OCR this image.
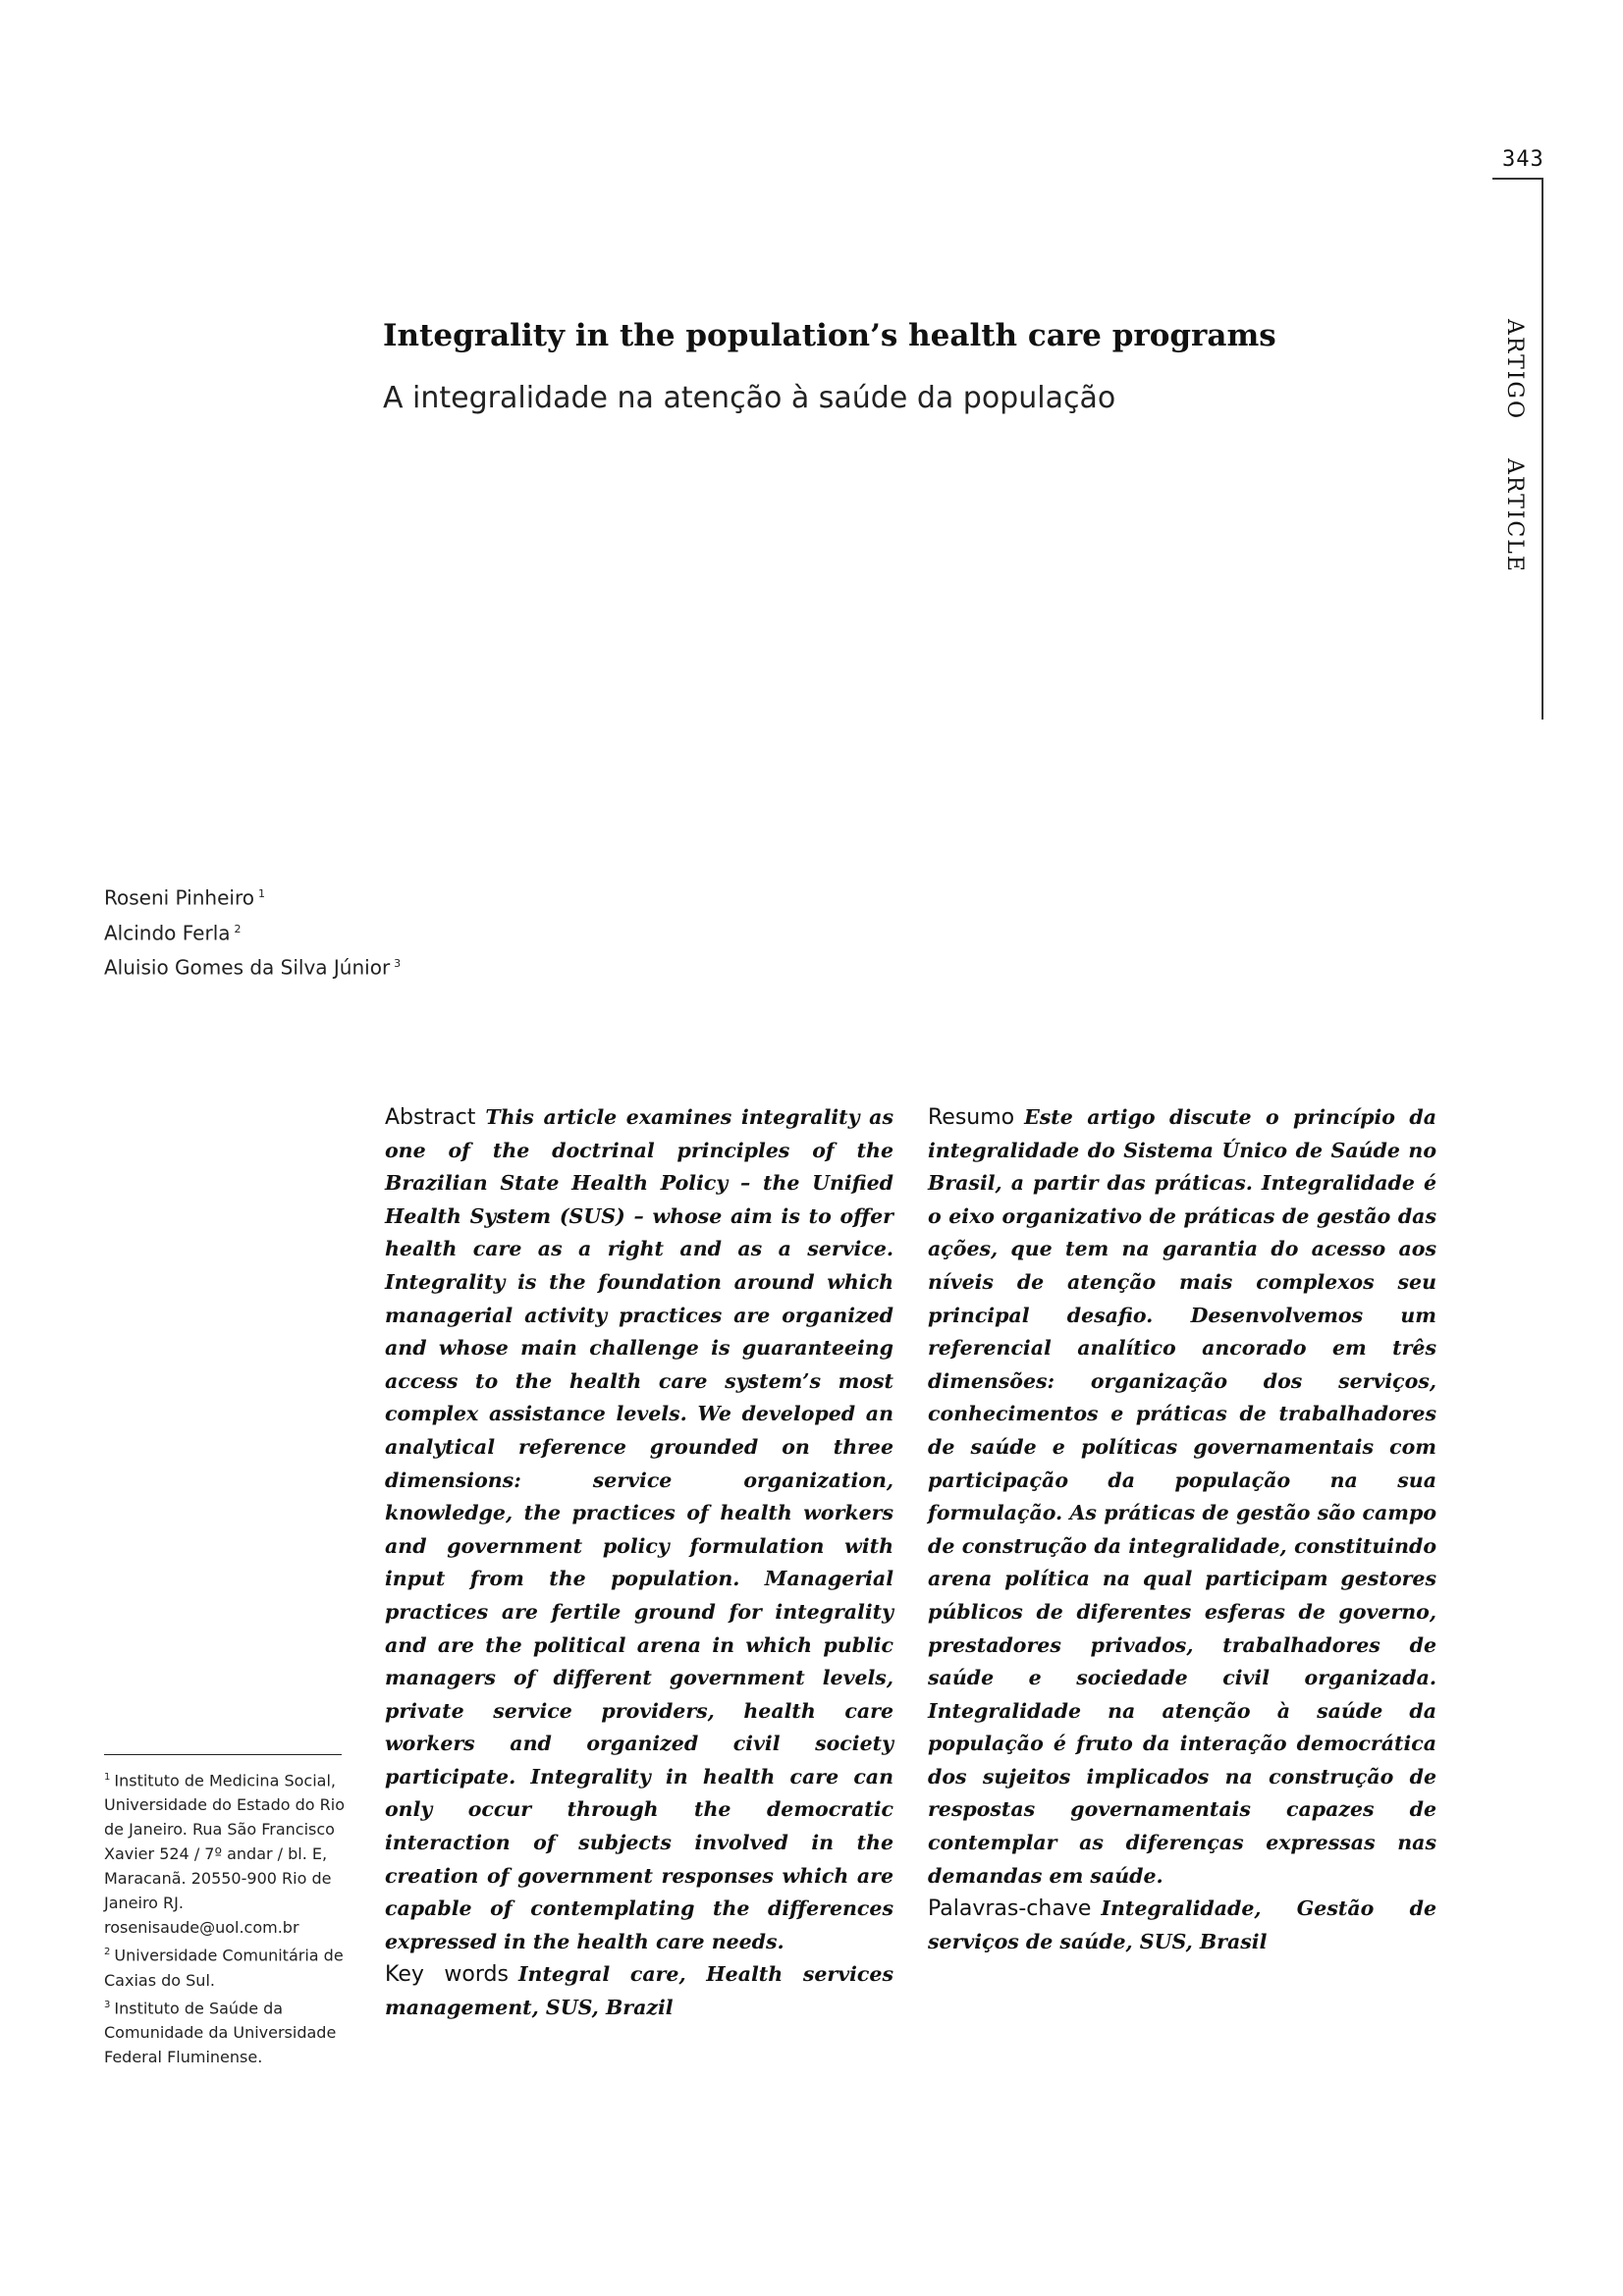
343
ARTIGO ARTICLE
Integrality in the population’s health care programs
A integralidade na atenção à saúde da população
Roseni Pinheiro $^1$
Alcindo Ferla $^2$
Aluisio Gomes da Silva Júnior $^3$
Abstract This article examines integrality as one of the doctrinal principles of the Brazilian State Health Policy – the Unified Health System (SUS) – whose aim is to offer health care as a right and as a service. Integrality is the foundation around which managerial activity practices are organized and whose main challenge is guaranteeing access to the health care system’s most complex assistance levels. We developed an analytical reference grounded on three dimensions: service organization, knowledge, the practices of health workers and government policy formulation with input from the population. Managerial practices are fertile ground for integrality and are the political arena in which public managers of different government levels, private service providers, health care workers and organized civil society participate. Integrality in health care can only occur through the democratic interaction of subjects involved in the creation of government responses which are capable of contemplating the differences expressed in the health care needs.
Key words Integral care, Health services management, SUS, Brazil
Resumo Este artigo discute o princípio da integralidade do Sistema Único de Saúde no Brasil, a partir das práticas. Integralidade é o eixo organizativo de práticas de gestão das ações, que tem na garantia do acesso aos níveis de atenção mais complexos seu principal desafio. Desenvolvemos um referencial analítico ancorado em três dimensões: organização dos serviços, conhecimentos e práticas de trabalhadores de saúde e políticas governamentais com participação da população na sua formulação. As práticas de gestão são campo de construção da integralidade, constituindo arena política na qual participam gestores públicos de diferentes esferas de governo, prestadores privados, trabalhadores de saúde e sociedade civil organizada. Integralidade na atenção à saúde da população é fruto da interação democrática dos sujeitos implicados na construção de respostas governamentais capazes de contemplar as diferenças expressas nas demandas em saúde.
Palavras-chave Integralidade, Gestão de serviços de saúde, SUS, Brasil
$^1$ Instituto de Medicina Social, Universidade do Estado do Rio de Janeiro. Rua São Francisco Xavier 524 / 7º andar / bl. E, Maracanã. 20550-900 Rio de Janeiro RJ. rosenisaude@uol.com.br
$^2$ Universidade Comunitária de Caxias do Sul.
$^3$ Instituto de Saúde da Comunidade da Universidade Federal Fluminense.
